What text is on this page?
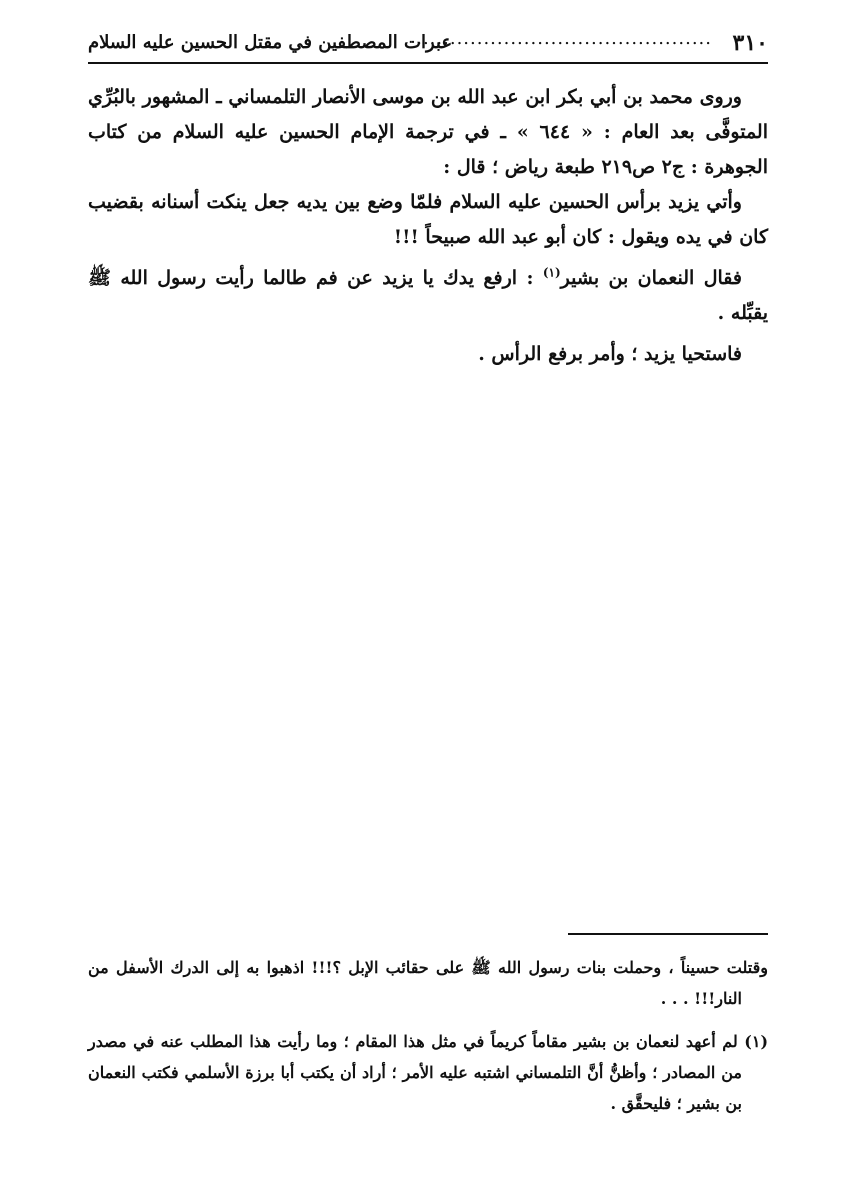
٣١٠
............................................
عبرات المصطفين في مقتل الحسين عليه السلام

وروى محمد بن أبي بكر ابن عبد الله بن موسى الأنصار التلمساني ـ المشهور بالبُرِّي المتوفَّى بعد العام : « ٦٤٤ » ـ في ترجمة الإمام الحسين عليه السلام من كتاب الجوهرة : ج٢ ص٢١٩ طبعة رياض ؛ قال :

وأتي يزيد برأس الحسين عليه السلام فلمّا وضع بين يديه جعل ينكت أسنانه بقضيب كان في يده ويقول : كان أبو عبد الله صبيحاً !!!

فقال النعمان بن بشير$^{(١)}$ : ارفع يدك يا يزيد عن فم طالما رأيت رسول الله ﷺ يقبِّله .

فاستحيا يزيد ؛ وأمر برفع الرأس .

وقتلت حسيناً ، وحملت بنات رسول الله ﷺ على حقائب الإبل ؟!!! اذهبوا به إلى الدرك الأسفل من النار!!! . . .

(١) لم أعهد لنعمان بن بشير مقاماً كريماً في مثل هذا المقام ؛ وما رأيت هذا المطلب عنه في مصدر من المصادر ؛ وأظنُّ أنَّ التلمساني اشتبه عليه الأمر ؛ أراد أن يكتب أبا برزة الأسلمي فكتب النعمان بن بشير ؛ فليحقَّق .
